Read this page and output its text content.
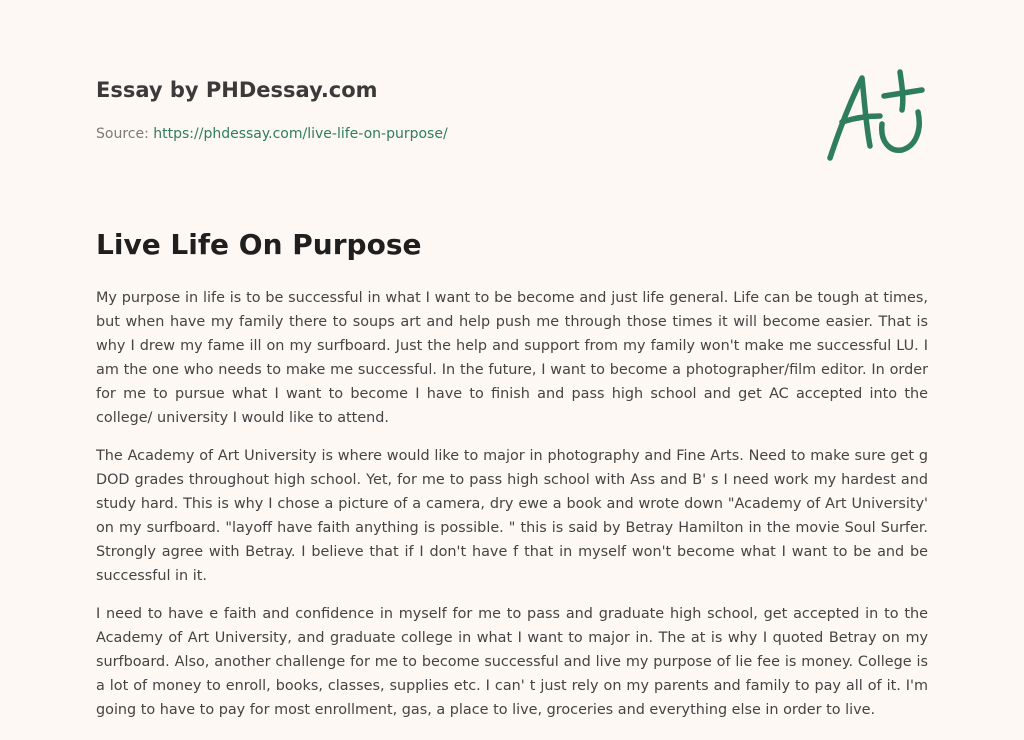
Essay by PHDessay.com
Source: https://phdessay.com/live-life-on-purpose/
Live Life On Purpose

My purpose in life is to be successful in what I want to be become and just life general. Life can be tough at times, but when have my family there to soups art and help push me through those times it will become easier. That is why I drew my fame ill on my surfboard. Just the help and support from my family won't make me successful LU. I am the one who needs to make me successful. In the future, I want to become a photographer/film editor. In order for me to pursue what I want to become I have to finish and pass high school and get AC accepted into the college/ university I would like to attend.

The Academy of Art University is where would like to major in photography and Fine Arts. Need to make sure get g DOD grades throughout high school. Yet, for me to pass high school with Ass and B' s I need work my hardest and study hard. This is why I chose a picture of a camera, dry ewe a book and wrote down "Academy of Art University' on my surfboard. "layoff have faith anything is possible. " this is said by Betray Hamilton in the movie Soul Surfer. Strongly agree with Betray. I believe that if I don't have f that in myself won't become what I want to be and be successful in it.

I need to have e faith and confidence in myself for me to pass and graduate high school, get accepted in to the Academy of Art University, and graduate college in what I want to major in. The at is why I quoted Betray on my surfboard. Also, another challenge for me to become successful and live my purpose of lie fee is money. College is a lot of money to enroll, books, classes, supplies etc. I can' t just rely on my parents and family to pay all of it. I'm going to have to pay for most enrollment, gas, a place to live, groceries and everything else in order to live.
